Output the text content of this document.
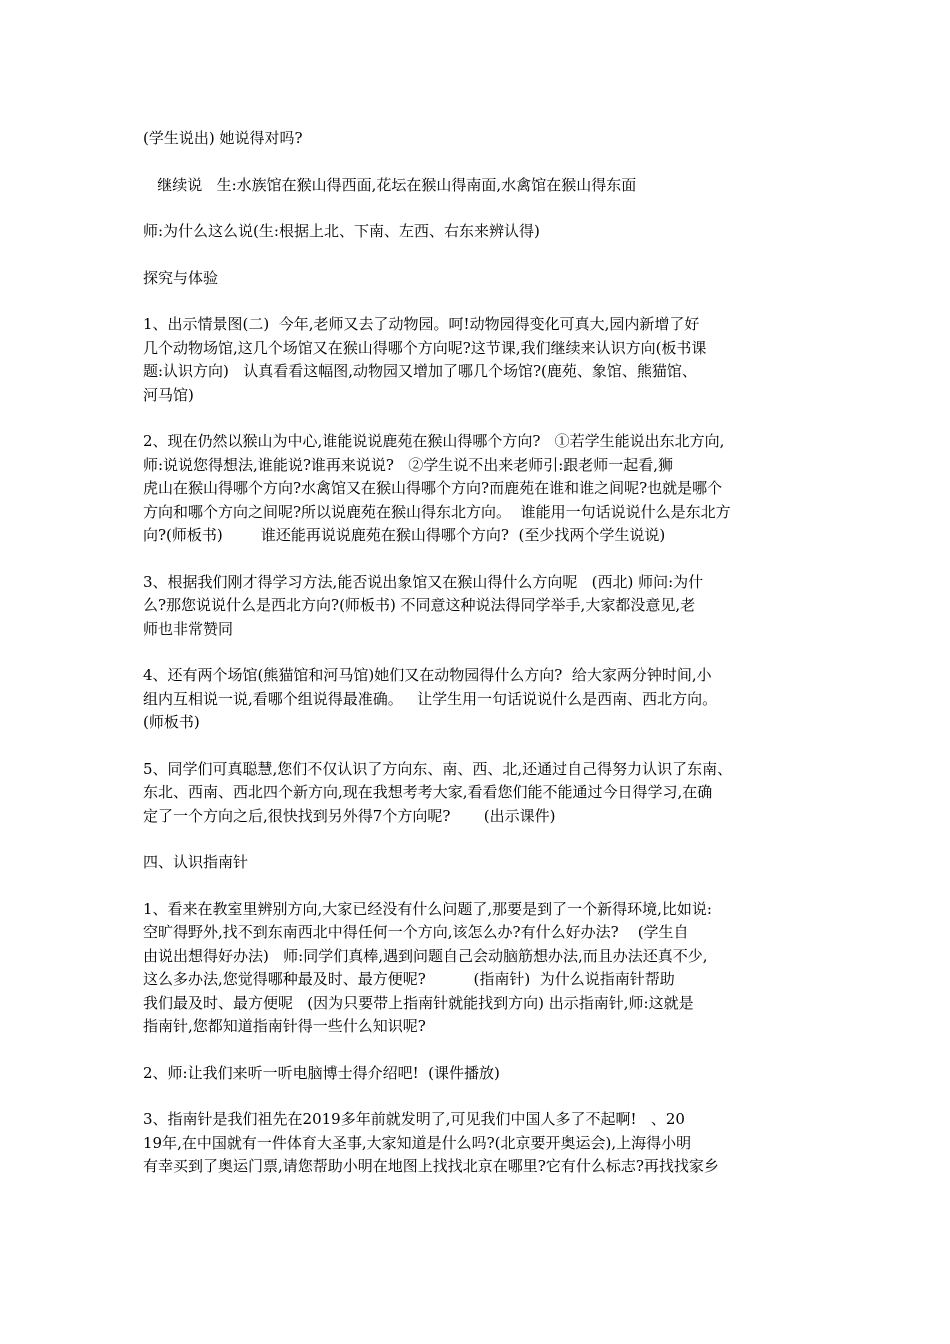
(学生说出) 她说得对吗?
继续说   生:水族馆在猴山得西面,花坛在猴山得南面,水禽馆在猴山得东面
师:为什么这么说(生:根据上北、下南、左西、右东来辨认得)
探究与体验
1、出示情景图(二)  今年,老师又去了动物园。呵!动物园得变化可真大,园内新增了好
几个动物场馆,这几个场馆又在猴山得哪个方向呢?这节课,我们继续来认识方向(板书课
题:认识方向)   认真看看这幅图,动物园又增加了哪几个场馆?(鹿苑、象馆、熊猫馆、
河马馆)
2、现在仍然以猴山为中心,谁能说说鹿苑在猴山得哪个方向?   ①若学生能说出东北方向,
师:说说您得想法,谁能说?谁再来说说?   ②学生说不出来老师引:跟老师一起看,狮
虎山在猴山得哪个方向?水禽馆又在猴山得哪个方向?而鹿苑在谁和谁之间呢?也就是哪个
方向和哪个方向之间呢?所以说鹿苑在猴山得东北方向。  谁能用一句话说说什么是东北方
向?(师板书)        谁还能再说说鹿苑在猴山得哪个方向?  (至少找两个学生说说)
3、根据我们刚才得学习方法,能否说出象馆又在猴山得什么方向呢   (西北) 师问:为什
么?那您说说什么是西北方向?(师板书) 不同意这种说法得同学举手,大家都没意见,老
师也非常赞同
4、还有两个场馆(熊猫馆和河马馆)她们又在动物园得什么方向?  给大家两分钟时间,小
组内互相说一说,看哪个组说得最准确。   让学生用一句话说说什么是西南、西北方向。
(师板书)
5、同学们可真聪慧,您们不仅认识了方向东、南、西、北,还通过自己得努力认识了东南、
东北、西南、西北四个新方向,现在我想考考大家,看看您们能不能通过今日得学习,在确
定了一个方向之后,很快找到另外得7个方向呢?       (出示课件)
四、认识指南针
1、看来在教室里辨别方向,大家已经没有什么问题了,那要是到了一个新得环境,比如说:
空旷得野外,找不到东南西北中得任何一个方向,该怎么办?有什么好办法?    (学生自
由说出想得好办法)   师:同学们真棒,遇到问题自己会动脑筋想办法,而且办法还真不少,
这么多办法,您觉得哪种最及时、最方便呢?          (指南针)  为什么说指南针帮助
我们最及时、最方便呢   (因为只要带上指南针就能找到方向) 出示指南针,师:这就是
指南针,您都知道指南针得一些什么知识呢?
2、师:让我们来听一听电脑博士得介绍吧!  (课件播放)
3、指南针是我们祖先在2019多年前就发明了,可见我们中国人多了不起啊!   、20
19年,在中国就有一件体育大圣事,大家知道是什么吗?(北京要开奥运会),上海得小明
有幸买到了奥运门票,请您帮助小明在地图上找找北京在哪里?它有什么标志?再找找家乡
